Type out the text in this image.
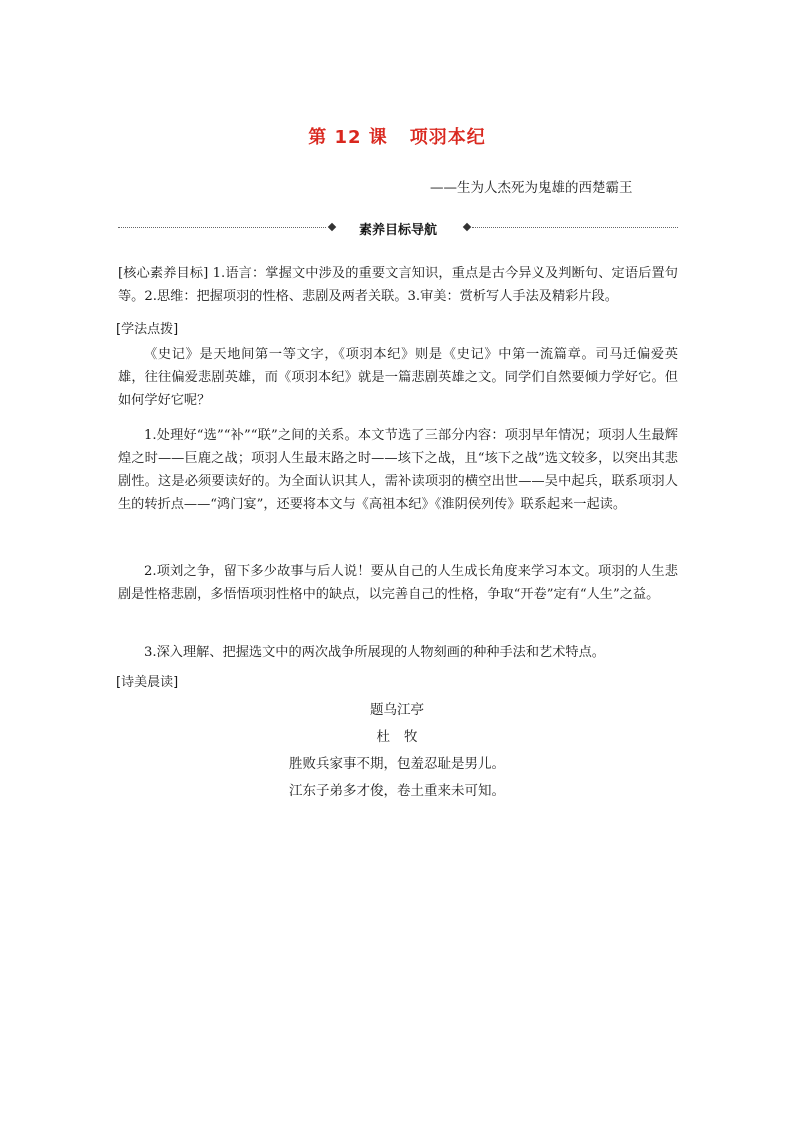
第 12 课 项羽本纪
——生为人杰死为鬼雄的西楚霸王
素养目标导航

[核心素养目标] 1.语言：掌握文中涉及的重要文言知识，重点是古今异义及判断句、定语后置句等。2.思维：把握项羽的性格、悲剧及两者关联。3.审美：赏析写人手法及精彩片段。

[学法点拨]

《史记》是天地间第一等文字，《项羽本纪》则是《史记》中第一流篇章。司马迁偏爱英雄，往往偏爱悲剧英雄，而《项羽本纪》就是一篇悲剧英雄之文。同学们自然要倾力学好它。但如何学好它呢？

1.处理好“选”“补”“联”之间的关系。本文节选了三部分内容：项羽早年情况；项羽人生最辉煌之时——巨鹿之战；项羽人生最末路之时——垓下之战，且“垓下之战”选文较多，以突出其悲剧性。这是必须要读好的。为全面认识其人，需补读项羽的横空出世——吴中起兵，联系项羽人生的转折点——“鸿门宴”，还要将本文与《高祖本纪》《淮阴侯列传》联系起来一起读。

2.项刘之争，留下多少故事与后人说！要从自己的人生成长角度来学习本文。项羽的人生悲剧是性格悲剧，多悟悟项羽性格中的缺点，以完善自己的性格，争取“开卷”定有“人生”之益。

3.深入理解、把握选文中的两次战争所展现的人物刻画的种种手法和艺术特点。

[诗美晨读]

题乌江亭

杜 牧

胜败兵家事不期，包羞忍耻是男儿。

江东子弟多才俊，卷土重来未可知。
